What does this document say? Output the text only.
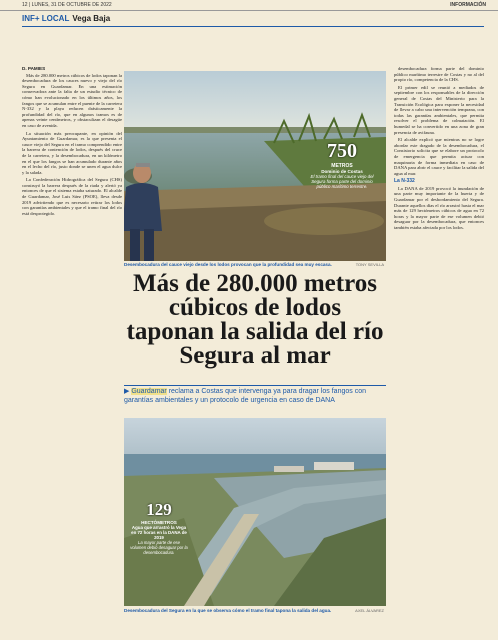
12 | LUNES, 31 DE OCTUBRE DE 2022	INFORMACIÓN
INF+ LOCAL Vega Baja
D. PAMIES

Más de 280.000 metros cúbicos de lodos taponan la desembocadura de los cauces nuevo y viejo del río Segura en Guardamar. En una estimación conservadora ante la falta de un estudio técnico de cómo han evolucionado en los últimos años, los fangos que se acumulan entre el puente de la carretera N-332 y la playa reducen drásticamente la profundidad del río, que en algunos tramos es de apenas veinte centímetros, y obstaculizan el desagüe en caso de avenida.

La situación más preocupante, en opinión del Ayuntamiento de Guardamar, es la que presenta el cauce viejo del Segura en el tramo comprendido entre la barrera de contención de lodos, después del cruce de la carretera, y la desembocadura, en un kilómetro en el que los fangos se han acumulado durante años en el lecho del río, justo donde se unen el agua dulce y la salada.

La Confederación Hidrográfica del Segura (CHS) construyó la barrera después de la riada y alertó ya entonces de que el sistema estaba saturado. El alcalde de Guardamar, José Luis Sáez (PSOE), lleva desde 2019 advirtiendo que es necesario retirar los lodos con garantías ambientales y que el tramo final del río está desprotegido.

750
METROS
Dominio de Costas
El tramo final del cauce viejo del Segura forma parte del dominio público marítimo terrestre.
Desembocadura del cauce viejo desde los lodos provocan que la profundidad sea muy escasa.	TONY SEVILLA
Más de 280.000 metros cúbicos de lodos taponan la salida del río Segura al mar
▶ Guardamar reclama a Costas que intervenga ya para dragar los fangos con garantías ambientales y un protocolo de urgencia en caso de DANA
129
HECTÓMETROS
Agua que arrastró la Vega en 72 horas en la DANA de 2019
La mayor parte de ese volumen debió desaguar por la desembocadura.
Desembocadura del Segura en la que se observa cómo el tramo final tapona la salida del agua.	AXEL ÁLVAREZ

desembocadura forma parte del dominio público marítimo terrestre de Costas y no al del propio río, competencia de la CHS.

El primer edil se reunió a mediados de septiembre con los responsables de la dirección general de Costas del Ministerio para la Transición Ecológica para exponer la necesidad de llevar a cabo una intervención temprana, con todas las garantías ambientales, que permita resolver el problema de colmatación. El humedal se ha convertido en una zona de gran presencia de avifauna.

El alcalde explicó que mientras no se logre abordar este dragado de la desembocadura, el Consistorio solicita que se elabore un protocolo de emergencia que permita actuar con maquinaria de forma inmediata en caso de DANA para abrir el cauce y facilitar la salida del agua al mar.

La N-332

La DANA de 2019 provocó la inundación de una parte muy importante de la huerta y de Guardamar por el desbordamiento del Segura. Durante aquellos días el río arrastró hasta el mar más de 129 hectómetros cúbicos de agua en 72 horas y la mayor parte de ese volumen debió desaguar por la desembocadura, que entonces también estaba afectada por los lodos.
